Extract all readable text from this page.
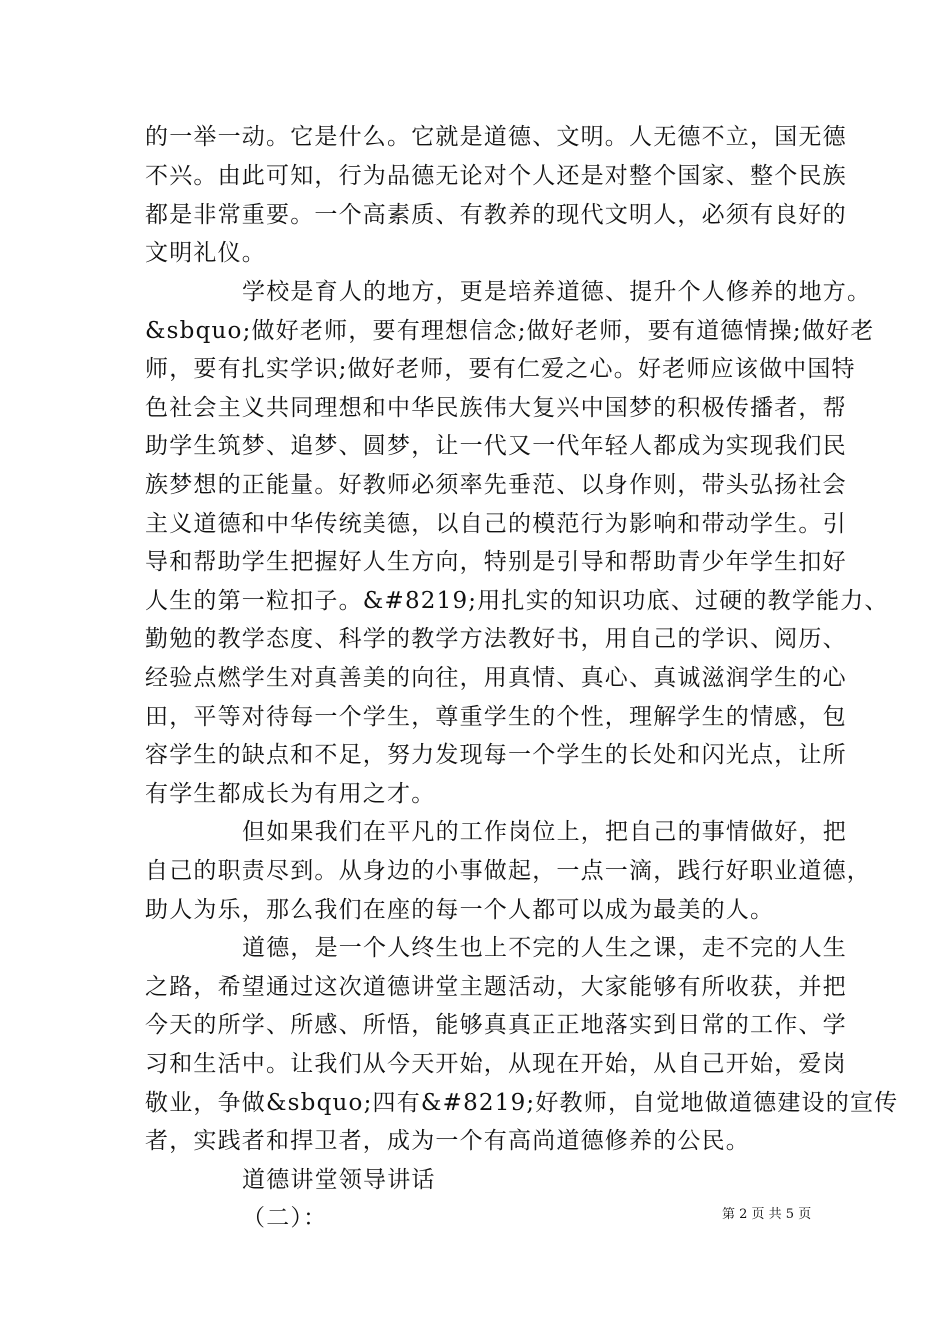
的一举一动。它是什么。它就是道德、文明。人无德不立，国无德
不兴。由此可知，行为品德无论对个人还是对整个国家、整个民族
都是非常重要。一个高素质、有教养的现代文明人，必须有良好的
文明礼仪。
学校是育人的地方，更是培养道德、提升个人修养的地方。
&sbquo;做好老师，要有理想信念;做好老师，要有道德情操;做好老
师，要有扎实学识;做好老师，要有仁爱之心。好老师应该做中国特
色社会主义共同理想和中华民族伟大复兴中国梦的积极传播者，帮
助学生筑梦、追梦、圆梦，让一代又一代年轻人都成为实现我们民
族梦想的正能量。好教师必须率先垂范、以身作则，带头弘扬社会
主义道德和中华传统美德，以自己的模范行为影响和带动学生。引
导和帮助学生把握好人生方向，特别是引导和帮助青少年学生扣好
人生的第一粒扣子。&#8219;用扎实的知识功底、过硬的教学能力、
勤勉的教学态度、科学的教学方法教好书，用自己的学识、阅历、
经验点燃学生对真善美的向往，用真情、真心、真诚滋润学生的心
田，平等对待每一个学生，尊重学生的个性，理解学生的情感，包
容学生的缺点和不足，努力发现每一个学生的长处和闪光点，让所
有学生都成长为有用之才。
但如果我们在平凡的工作岗位上，把自己的事情做好，把
自己的职责尽到。从身边的小事做起，一点一滴，践行好职业道德，
助人为乐，那么我们在座的每一个人都可以成为最美的人。
道德，是一个人终生也上不完的人生之课，走不完的人生
之路，希望通过这次道德讲堂主题活动，大家能够有所收获，并把
今天的所学、所感、所悟，能够真真正正地落实到日常的工作、学
习和生活中。让我们从今天开始，从现在开始，从自己开始，爱岗
敬业，争做&sbquo;四有&#8219;好教师，自觉地做道德建设的宣传
者，实践者和捍卫者，成为一个有高尚道德修养的公民。
道德讲堂领导讲话
（二）：	第 2 页 共 5 页
